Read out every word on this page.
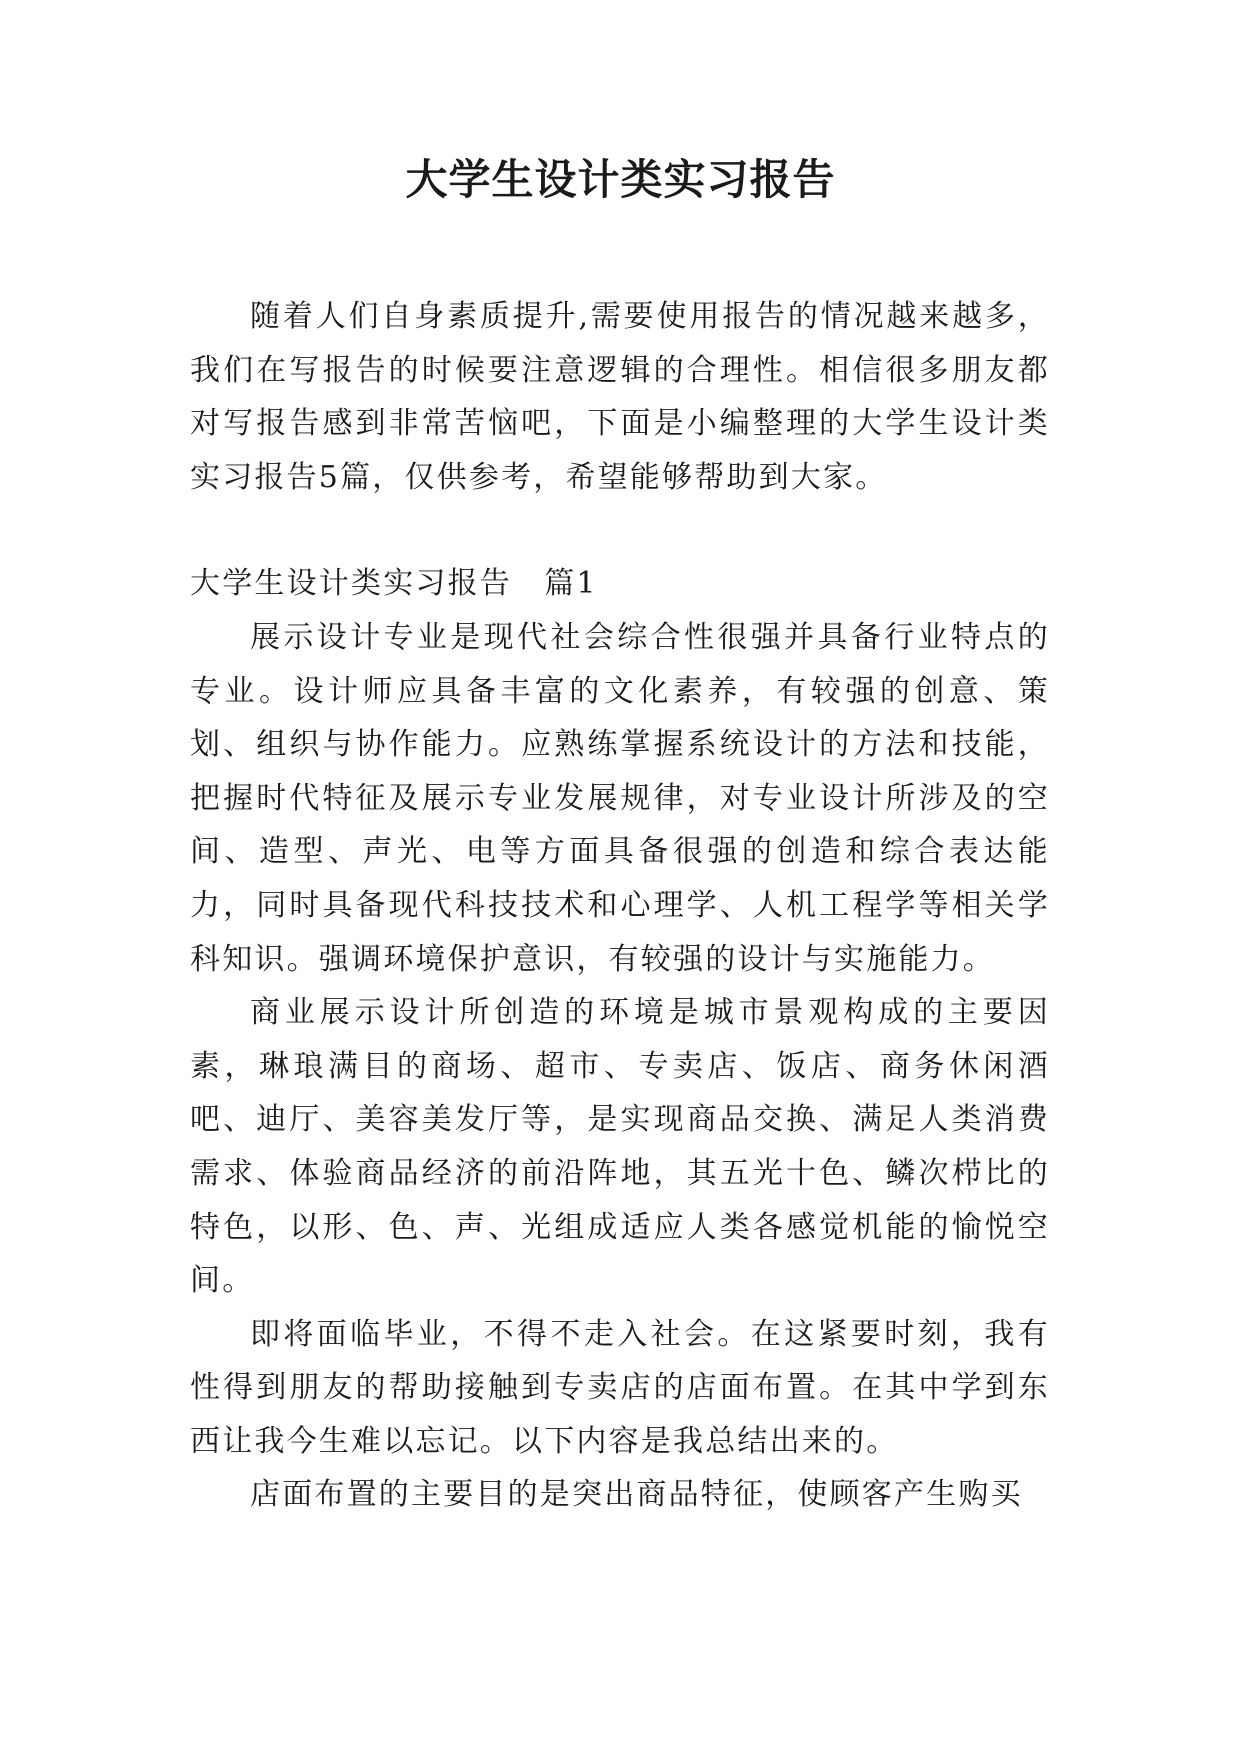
大学生设计类实习报告

随着人们自身素质提升,需要使用报告的情况越来越多，我们在写报告的时候要注意逻辑的合理性。相信很多朋友都对写报告感到非常苦恼吧，下面是小编整理的大学生设计类实习报告5篇，仅供参考，希望能够帮助到大家。

大学生设计类实习报告　篇1

展示设计专业是现代社会综合性很强并具备行业特点的专业。设计师应具备丰富的文化素养，有较强的创意、策划、组织与协作能力。应熟练掌握系统设计的方法和技能，把握时代特征及展示专业发展规律，对专业设计所涉及的空间、造型、声光、电等方面具备很强的创造和综合表达能力，同时具备现代科技技术和心理学、人机工程学等相关学科知识。强调环境保护意识，有较强的设计与实施能力。

商业展示设计所创造的环境是城市景观构成的主要因素，琳琅满目的商场、超市、专卖店、饭店、商务休闲酒吧、迪厅、美容美发厅等，是实现商品交换、满足人类消费需求、体验商品经济的前沿阵地，其五光十色、鳞次栉比的特色，以形、色、声、光组成适应人类各感觉机能的愉悦空间。

即将面临毕业，不得不走入社会。在这紧要时刻，我有性得到朋友的帮助接触到专卖店的店面布置。在其中学到东西让我今生难以忘记。以下内容是我总结出来的。

店面布置的主要目的是突出商品特征，使顾客产生购买
